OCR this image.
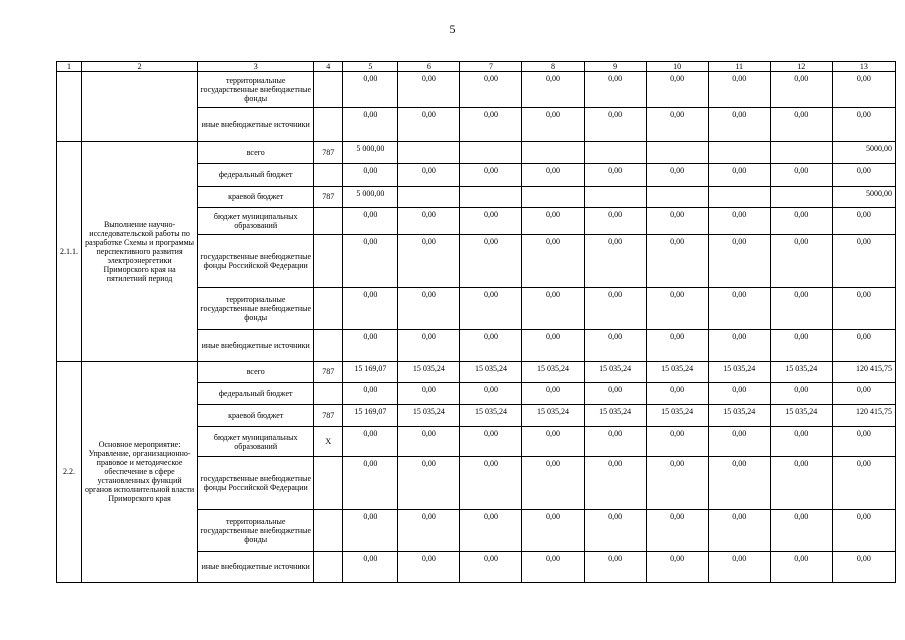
5
1	2	3	4	5	6	7	8	9	10	11	12	13
		территориальные государственные внебюджетные фонды		0,00	0,00	0,00	0,00	0,00	0,00	0,00	0,00	0,00
		иные внебюджетные источники		0,00	0,00	0,00	0,00	0,00	0,00	0,00	0,00	0,00
2.1.1.	Выполнение научно-исследовательской работы по разработке Схемы и программы перспективного развития электроэнергетики Приморского края на пятилетний период	всего	787	5 000,00								5000,00
		федеральный бюджет		0,00	0,00	0,00	0,00	0,00	0,00	0,00	0,00	0,00
		краевой бюджет	787	5 000,00								5000,00
		бюджет муниципальных образований		0,00	0,00	0,00	0,00	0,00	0,00	0,00	0,00	0,00
		государственные внебюджетные фонды Российской Федерации		0,00	0,00	0,00	0,00	0,00	0,00	0,00	0,00	0,00
		территориальные государственные внебюджетные фонды		0,00	0,00	0,00	0,00	0,00	0,00	0,00	0,00	0,00
		иные внебюджетные источники		0,00	0,00	0,00	0,00	0,00	0,00	0,00	0,00	0,00
2.2.	Основное мероприятие: Управление, организационно-правовое и методическое обеспечение в сфере установленных функций органов исполнительной власти Приморского края	всего	787	15 169,07	15 035,24	15 035,24	15 035,24	15 035,24	15 035,24	15 035,24	15 035,24	120 415,75
		федеральный бюджет		0,00	0,00	0,00	0,00	0,00	0,00	0,00	0,00	0,00
		краевой бюджет	787	15 169,07	15 035,24	15 035,24	15 035,24	15 035,24	15 035,24	15 035,24	15 035,24	120 415,75
		бюджет муниципальных образований	Х	0,00	0,00	0,00	0,00	0,00	0,00	0,00	0,00	0,00
		государственные внебюджетные фонды Российской Федерации		0,00	0,00	0,00	0,00	0,00	0,00	0,00	0,00	0,00
		территориальные государственные внебюджетные фонды		0,00	0,00	0,00	0,00	0,00	0,00	0,00	0,00	0,00
		иные внебюджетные источники		0,00	0,00	0,00	0,00	0,00	0,00	0,00	0,00	0,00
